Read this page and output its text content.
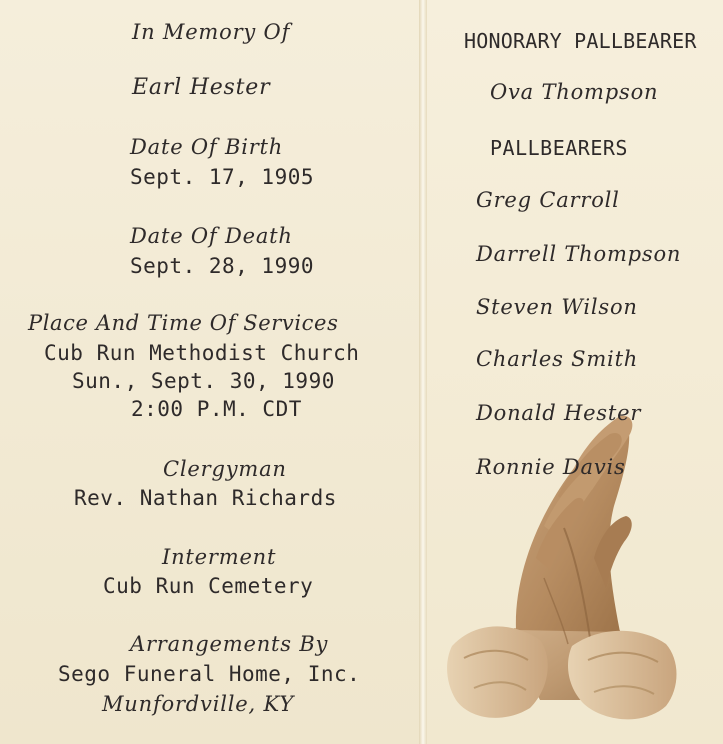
In Memory Of
Earl Hester
Date Of Birth
Sept. 17, 1905
Date Of Death
Sept. 28, 1990
Place And Time Of Services
Cub Run Methodist Church
Sun., Sept. 30, 1990
2:00 P.M. CDT
Clergyman
Rev. Nathan Richards
Interment
Cub Run Cemetery
Arrangements By
Sego Funeral Home, Inc.
Munfordville, KY
HONORARY PALLBEARER
Ova Thompson
PALLBEARERS
Greg Carroll
Darrell Thompson
Steven Wilson
Charles Smith
Donald Hester
Ronnie Davis
